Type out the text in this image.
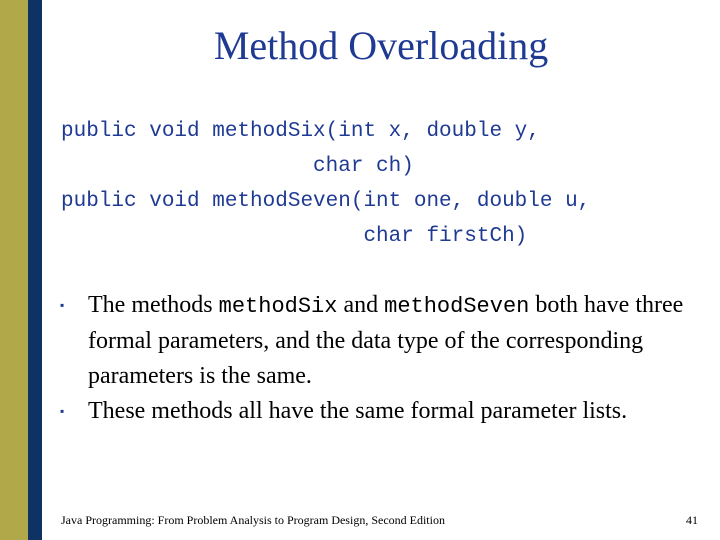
Method Overloading
public void methodSix(int x, double y,
char ch)
public void methodSeven(int one, double u,
char firstCh)
▪ The methods methodSix and methodSeven both have three formal parameters, and the data type of the corresponding parameters is the same.
▪ These methods all have the same formal parameter lists.
Java Programming: From Problem Analysis to Program Design, Second Edition	41
